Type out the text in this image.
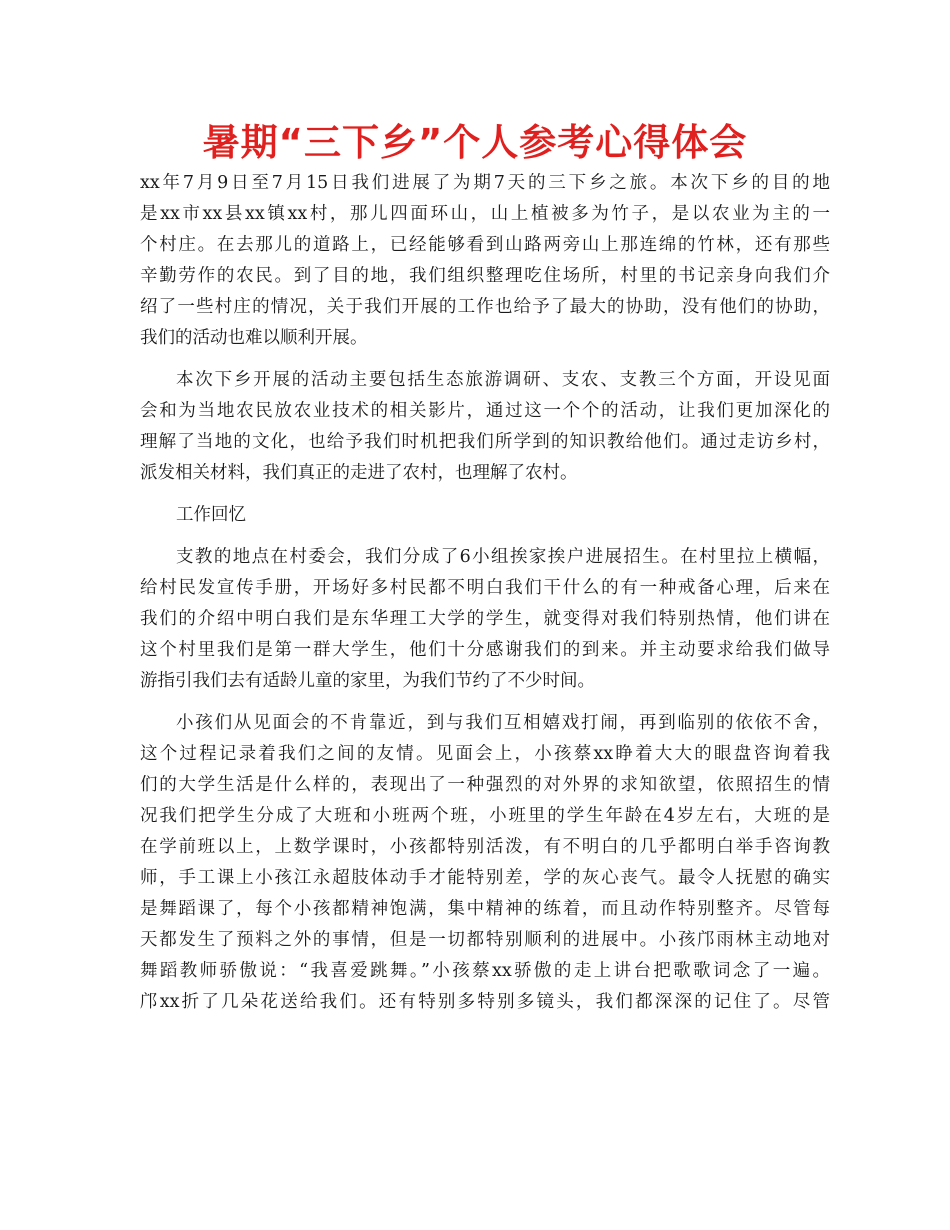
暑期“三下乡”个人参考心得体会
xx年7月9日至7月15日我们进展了为期7天的三下乡之旅。本次下乡的目的地
是xx市xx县xx镇xx村，那儿四面环山，山上植被多为竹子，是以农业为主的一
个村庄。在去那儿的道路上，已经能够看到山路两旁山上那连绵的竹林，还有那些
辛勤劳作的农民。到了目的地，我们组织整理吃住场所，村里的书记亲身向我们介
绍了一些村庄的情况，关于我们开展的工作也给予了最大的协助，没有他们的协助，
我们的活动也难以顺利开展。
本次下乡开展的活动主要包括生态旅游调研、支农、支教三个方面，开设见面
会和为当地农民放农业技术的相关影片，通过这一个个的活动，让我们更加深化的
理解了当地的文化，也给予我们时机把我们所学到的知识教给他们。通过走访乡村，
派发相关材料，我们真正的走进了农村，也理解了农村。
工作回忆
支教的地点在村委会，我们分成了6小组挨家挨户进展招生。在村里拉上横幅，
给村民发宣传手册，开场好多村民都不明白我们干什么的有一种戒备心理，后来在
我们的介绍中明白我们是东华理工大学的学生，就变得对我们特别热情，他们讲在
这个村里我们是第一群大学生，他们十分感谢我们的到来。并主动要求给我们做导
游指引我们去有适龄儿童的家里，为我们节约了不少时间。
小孩们从见面会的不肯靠近，到与我们互相嬉戏打闹，再到临别的依依不舍，
这个过程记录着我们之间的友情。见面会上，小孩蔡xx睁着大大的眼盘咨询着我
们的大学生活是什么样的，表现出了一种强烈的对外界的求知欲望，依照招生的情
况我们把学生分成了大班和小班两个班，小班里的学生年龄在4岁左右，大班的是
在学前班以上，上数学课时，小孩都特别活泼，有不明白的几乎都明白举手咨询教
师，手工课上小孩江永超肢体动手才能特别差，学的灰心丧气。最令人抚慰的确实
是舞蹈课了，每个小孩都精神饱满，集中精神的练着，而且动作特别整齐。尽管每
天都发生了预料之外的事情，但是一切都特别顺利的进展中。小孩邝雨林主动地对
舞蹈教师骄傲说：“我喜爱跳舞。”小孩蔡xx骄傲的走上讲台把歌歌词念了一遍。
邝xx折了几朵花送给我们。还有特别多特别多镜头，我们都深深的记住了。尽管
